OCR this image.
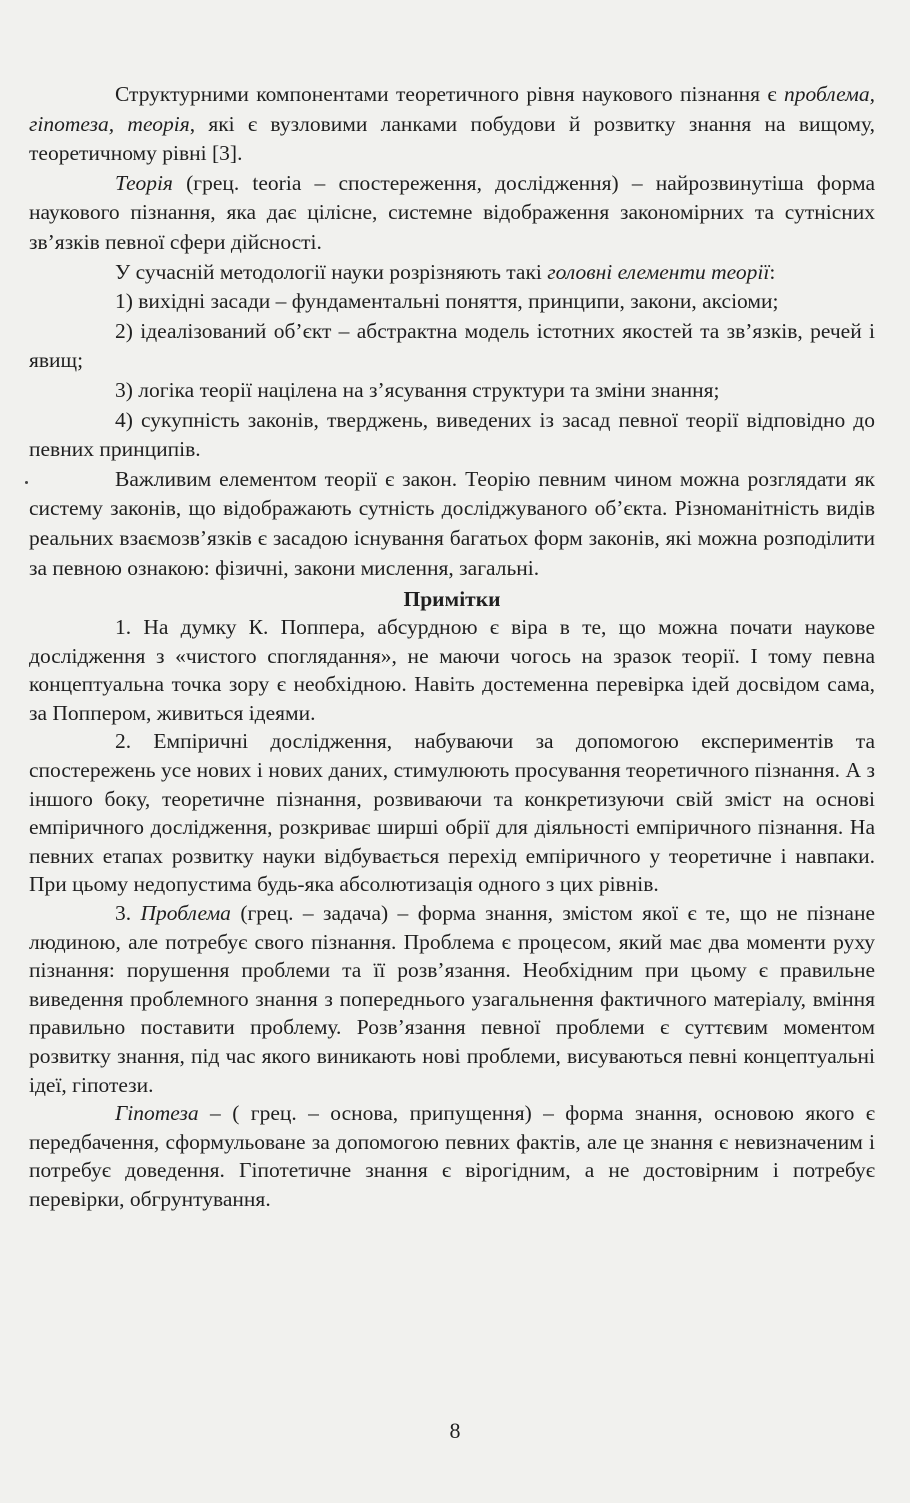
Структурними компонентами теоретичного рівня наукового пізнання є проблема, гіпотеза, теорія, які є вузловими ланками побудови й розвитку знання на вищому, теоретичному рівні [3].

Теорія (грец. teoria – спостереження, дослідження) – найрозвинутіша форма наукового пізнання, яка дає цілісне, системне відображення закономірних та сутнісних зв’язків певної сфери дійсності.

У сучасній методології науки розрізняють такі головні елементи теорії:

1) вихідні засади – фундаментальні поняття, принципи, закони, аксіоми;

2) ідеалізований об’єкт – абстрактна модель істотних якостей та зв’язків, речей і явищ;

3) логіка теорії націлена на з’ясування структури та зміни знання;

4) сукупність законів, тверджень, виведених із засад певної теорії відповідно до певних принципів.

Важливим елементом теорії є закон. Теорію певним чином можна розглядати як систему законів, що відображають сутність досліджуваного об’єкта. Різноманітність видів реальних взаємозв’язків є засадою існування багатьох форм законів, які можна розподілити за певною ознакою: фізичні, закони мислення, загальні.

Примітки

1. На думку К. Поппера, абсурдною є віра в те, що можна почати наукове дослідження з «чистого споглядання», не маючи чогось на зразок теорії. І тому певна концептуальна точка зору є необхідною. Навіть достеменна перевірка ідей досвідом сама, за Поппером, живиться ідеями.

2. Емпіричні дослідження, набуваючи за допомогою експериментів та спостережень усе нових і нових даних, стимулюють просування теоретичного пізнання. А з іншого боку, теоретичне пізнання, розвиваючи та конкретизуючи свій зміст на основі емпіричного дослідження, розкриває ширші обрії для діяльності емпіричного пізнання. На певних етапах розвитку науки відбувається перехід емпіричного у теоретичне і навпаки. При цьому недопустима будь-яка абсолютизація одного з цих рівнів.

3. Проблема (грец. – задача) – форма знання, змістом якої є те, що не пізнане людиною, але потребує свого пізнання. Проблема є процесом, який має два моменти руху пізнання: порушення проблеми та її розв’язання. Необхідним при цьому є правильне виведення проблемного знання з попереднього узагальнення фактичного матеріалу, вміння правильно поставити проблему. Розв’язання певної проблеми є суттєвим моментом розвитку знання, під час якого виникають нові проблеми, висуваються певні концептуальні ідеї, гіпотези.

Гіпотеза – ( грец. – основа, припущення) – форма знання, основою якого є передбачення, сформульоване за допомогою певних фактів, але це знання є невизначеним і потребує доведення. Гіпотетичне знання є вірогідним, а не достовірним і потребує перевірки, обгрунтування.

8
